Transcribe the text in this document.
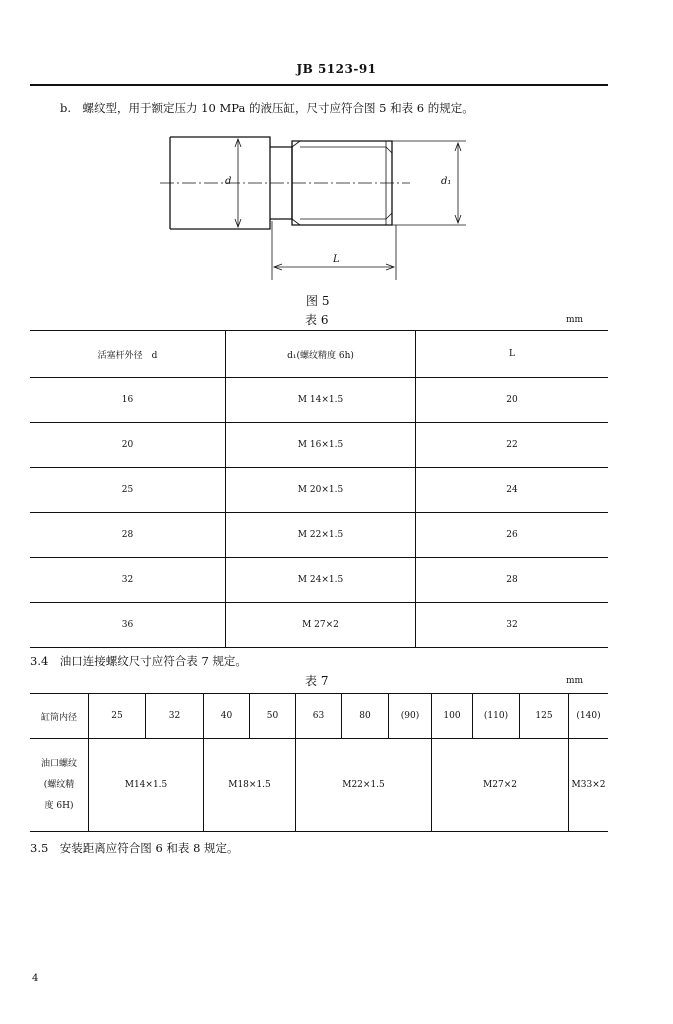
JB 5123-91
b.　螺纹型，用于额定压力 10 MPa 的液压缸，尺寸应符合图 5 和表 6 的规定。
d	d₁
L
图 5
表 6	mm
活塞杆外径　d	d₁(螺纹精度 6h)	L
16	M 14×1.5	20
20	M 16×1.5	22
25	M 20×1.5	24
28	M 22×1.5	26
32	M 24×1.5	28
36	M 27×2	32
3.4　油口连接螺纹尺寸应符合表 7 规定。
表 7	mm
缸筒内径	25	32	40	50	63	80	(90)	100	(110)	125	(140)

油口螺纹
(螺纹精
度 6H)	M14×1.5		M18×1.5		M22×1.5			M27×2			M33×2
3.5　安装距离应符合图 6 和表 8 规定。
4
